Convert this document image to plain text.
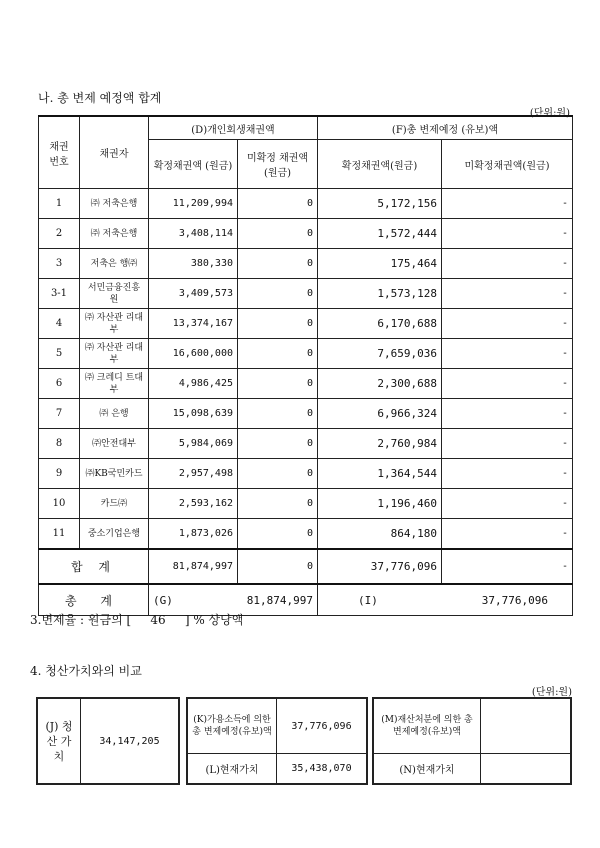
나. 총 변제 예정액 합계
(단위:원)
채권 번호	채권자	(D)개인회생채권액		(F)총 변제예정 (유보)액	
		확정채권액 (원금)	미확정 채권액 (원금)	확정채권액(원금)	미확정채권액(원금)
1	㈜ 저축은행	11,209,994	0	5,172,156	-
2	㈜ 저축은행	3,408,114	0	1,572,444	-
3	저축은 행㈜	380,330	0	175,464	-
3-1	서민금융진흥 원	3,409,573	0	1,573,128	-
4	㈜ 자산관 리대부	13,374,167	0	6,170,688	-
5	㈜ 자산관 리대부	16,600,000	0	7,659,036	-
6	㈜ 크레디 트대부	4,986,425	0	2,300,688	-
7	㈜ 은행	15,098,639	0	6,966,324	-
8	㈜안전대부	5,984,069	0	2,760,984	-
9	㈜KB국민카드	2,957,498	0	1,364,544	-
10	카드㈜	2,593,162	0	1,196,460	-
11	중소기업은행	1,873,026	0	864,180	-
합 계		81,874,997	0	37,776,096	-
총 계		(G) 81,874,997		(I) 37,776,096	
3.변제율 : 원금의 [ 46 ] % 상당액
4. 청산가치와의 비교
(단위:원)
(J) 청산 가치	34,147,205
(K)가용소득에 의한 총 변제예정(유보)액	37,776,096
(L)현재가치	35,438,070
(M)재산처분에 의한 총 변제예정(유보)액	
(N)현재가치	
